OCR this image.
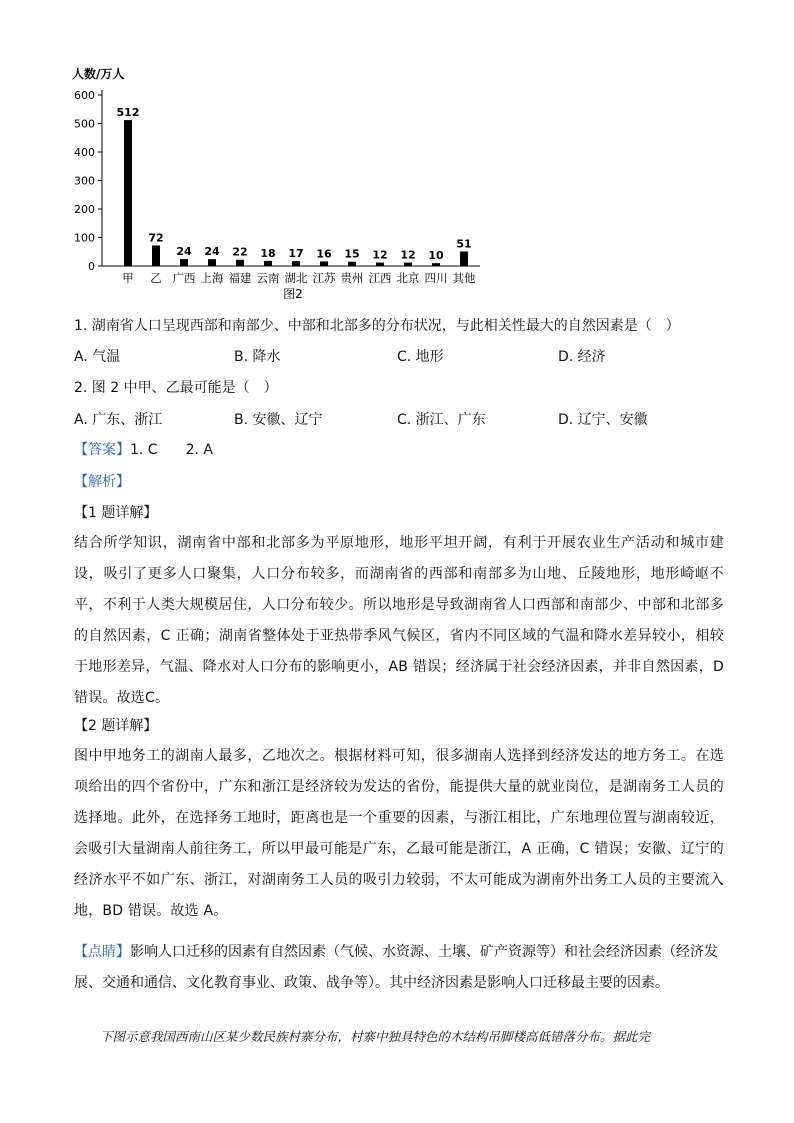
人数/万人
0
100
200
300
400
500
600
512
甲
72
乙
24
广西
24
上海
22
福建
18
云南
17
湖北
16
江苏
15
贵州
12
江西
12
北京
10
四川
51
其他
图2
1. 湖南省人口呈现西部和南部少、中部和北部多的分布状况，与此相关性最大的自然因素是（　）
A. 气温	B. 降水	C. 地形	D. 经济
2. 图 2 中甲、乙最可能是（　）
A. 广东、浙江	B. 安徽、辽宁	C. 浙江、广东	D. 辽宁、安徽
【答案】1. C　　2. A
【解析】
【1 题详解】
结合所学知识，湖南省中部和北部多为平原地形，地形平坦开阔，有利于开展农业生产活动和城市建设，吸引了更多人口聚集，人口分布较多，而湖南省的西部和南部多为山地、丘陵地形，地形崎岖不平，不利于人类大规模居住，人口分布较少。所以地形是导致湖南省人口西部和南部少、中部和北部多的自然因素，C 正确；湖南省整体处于亚热带季风气候区，省内不同区域的气温和降水差异较小，相较于地形差异，气温、降水对人口分布的影响更小，AB 错误；经济属于社会经济因素，并非自然因素，D 错误。故选C。
【2 题详解】
图中甲地务工的湖南人最多，乙地次之。根据材料可知，很多湖南人选择到经济发达的地方务工。在选项给出的四个省份中，广东和浙江是经济较为发达的省份，能提供大量的就业岗位，是湖南务工人员的选择地。此外，在选择务工地时，距离也是一个重要的因素，与浙江相比，广东地理位置与湖南较近，会吸引大量湖南人前往务工，所以甲最可能是广东，乙最可能是浙江，A 正确，C 错误；安徽、辽宁的经济水平不如广东、浙江，对湖南务工人员的吸引力较弱，不太可能成为湖南外出务工人员的主要流入地，BD 错误。故选 A。
【点睛】影响人口迁移的因素有自然因素（气候、水资源、土壤、矿产资源等）和社会经济因素（经济发展、交通和通信、文化教育事业、政策、战争等）。其中经济因素是影响人口迁移最主要的因素。
下图示意我国西南山区某少数民族村寨分布，村寨中独具特色的木结构吊脚楼高低错落分布。据此完
